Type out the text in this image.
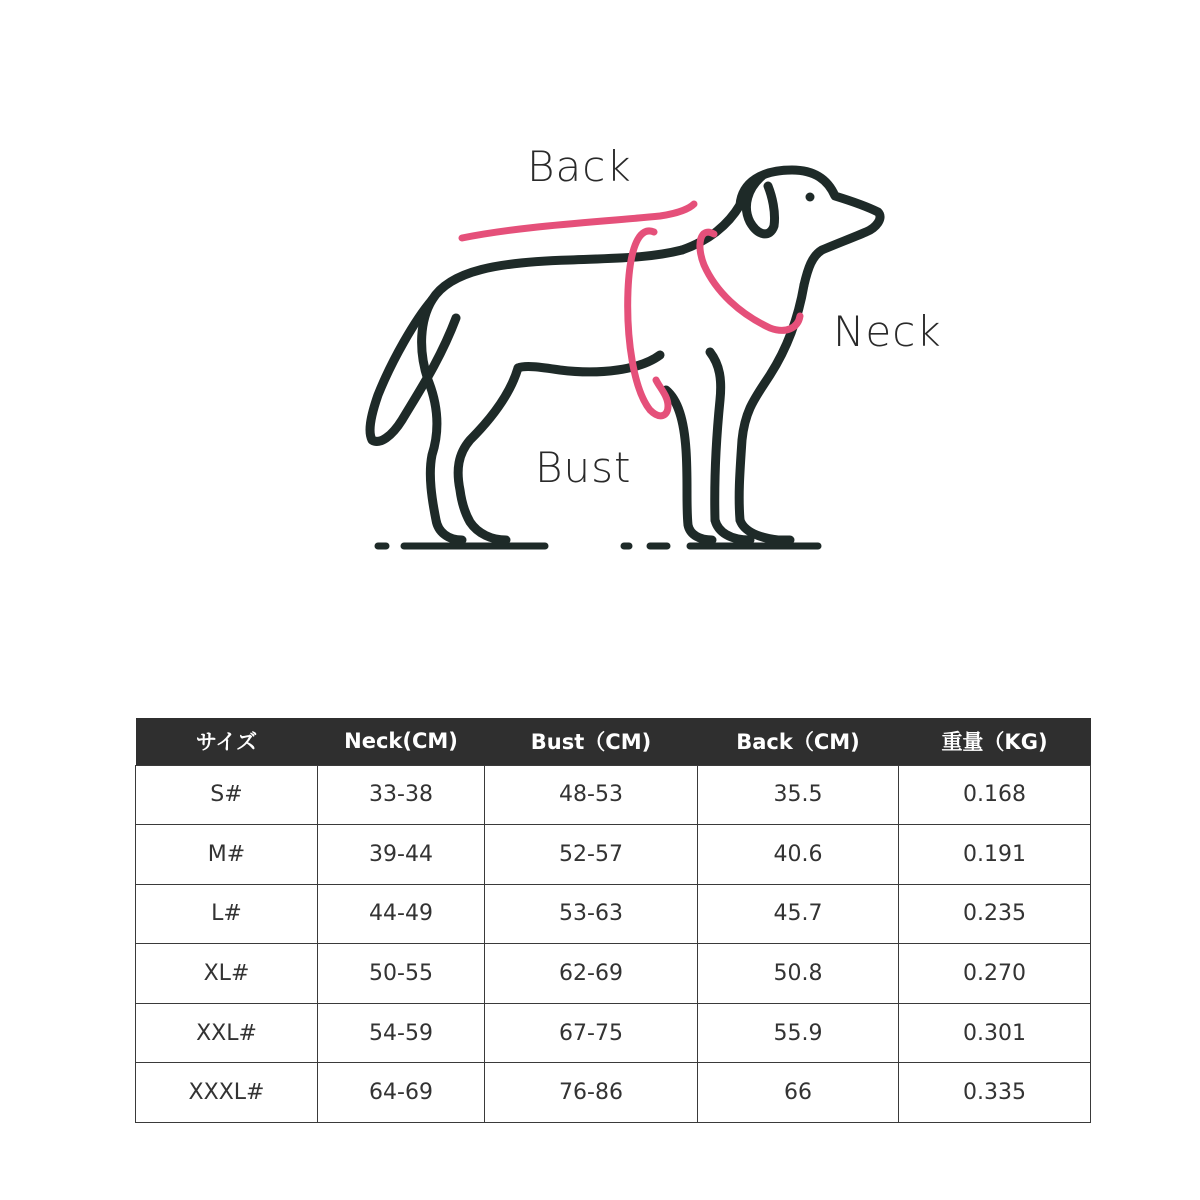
Back
Neck
Bust
サイズ	Neck(CM)	Bust（CM)	Back（CM)	重量（KG)
S#	33-38	48-53	35.5	0.168
M#	39-44	52-57	40.6	0.191
L#	44-49	53-63	45.7	0.235
XL#	50-55	62-69	50.8	0.270
XXL#	54-59	67-75	55.9	0.301
XXXL#	64-69	76-86	66	0.335
